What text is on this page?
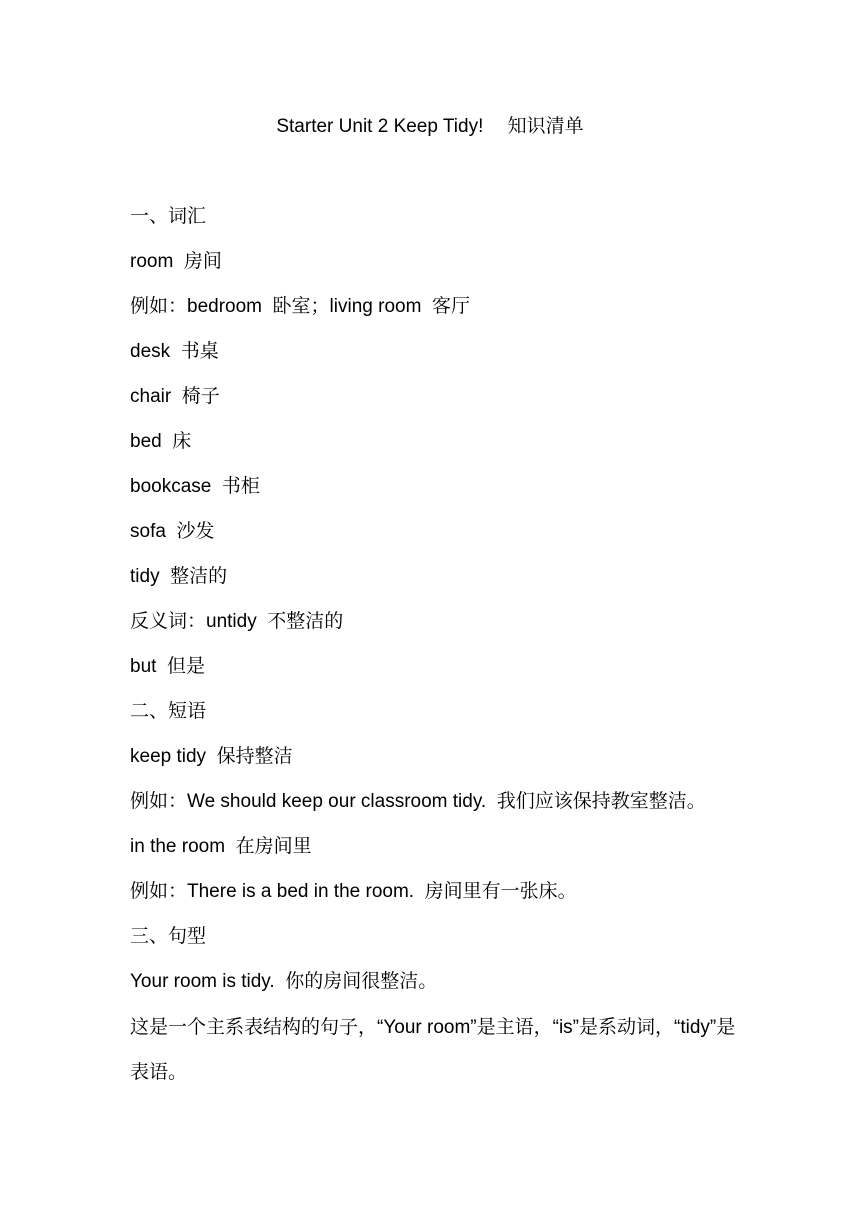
Starter Unit 2 Keep Tidy!　 知识清单
一、词汇
room  房间
例如：bedroom  卧室；living room  客厅
desk  书桌
chair  椅子
bed  床
bookcase  书柜
sofa  沙发
tidy  整洁的
反义词：untidy  不整洁的
but  但是
二、短语
keep tidy  保持整洁
例如：We should keep our classroom tidy.  我们应该保持教室整洁。
in the room  在房间里
例如：There is a bed in the room.  房间里有一张床。
三、句型
Your room is tidy.  你的房间很整洁。
这是一个主系表结构的句子，“Your room”是主语，“is”是系动词，“tidy”是表语。
